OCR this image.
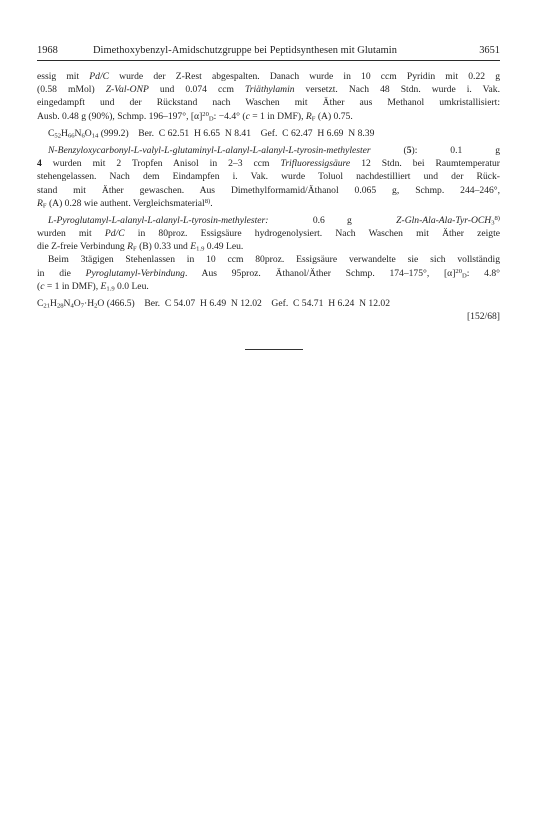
1968	Dimethoxybenzyl-Amidschutzgruppe bei Peptidsynthesen mit Glutamin	3651
essig mit Pd/C wurde der Z-Rest abgespalten. Danach wurde in 10 ccm Pyridin mit 0.22 g
(0.58 mMol) Z-Val-ONP und 0.074 ccm Triäthylamin versetzt. Nach 48 Stdn. wurde i. Vak.
eingedampft und der Rückstand nach Waschen mit Äther aus Methanol umkristallisiert:
Ausb. 0.48 g (90%), Schmp. 196–197°, $[\alpha]^{20}_D$: −4.4° (c = 1 in DMF), $R_F$ (A) 0.75.
$C_{52}H_{66}N_6O_{14}$ (999.2)    Ber.  C 62.51  H 6.65  N 8.41    Gef.  C 62.47  H 6.69  N 8.39
N-Benzyloxycarbonyl-L-valyl-L-glutaminyl-L-alanyl-L-alanyl-L-tyrosin-methylester (5): 0.1 g
4 wurden mit 2 Tropfen Anisol in 2–3 ccm Trifluoressigsäure 12 Stdn. bei Raumtemperatur
stehengelassen. Nach dem Eindampfen i. Vak. wurde Toluol nachdestilliert und der Rück-
stand mit Äther gewaschen. Aus Dimethylformamid/Äthanol 0.065 g, Schmp. 244–246°,
$R_F$ (A) 0.28 wie authent. Vergleichsmaterial$^{8)}$.
L-Pyroglutamyl-L-alanyl-L-alanyl-L-tyrosin-methylester:  0.6 g  $Z-Gln-Ala-Ala-Tyr-OCH_3^{8)}$
wurden mit Pd/C in 80proz. Essigsäure hydrogenolysiert. Nach Waschen mit Äther zeigte
die Z-freie Verbindung $R_F$ (B) 0.33 und $E_{1.9}$ 0.49 Leu.
Beim 3tägigen Stehenlassen in 10 ccm 80proz. Essigsäure verwandelte sie sich vollständig
in die Pyroglutamyl-Verbindung. Aus 95proz. Äthanol/Äther Schmp. 174–175°, $[\alpha]^{20}_D$: 4.8°
(c = 1 in DMF), $E_{1.9}$ 0.0 Leu.
$C_{21}H_{28}N_4O_7\cdot H_2O$ (466.5)    Ber.  C 54.07  H 6.49  N 12.02    Gef.  C 54.71  H 6.24  N 12.02
[152/68]
